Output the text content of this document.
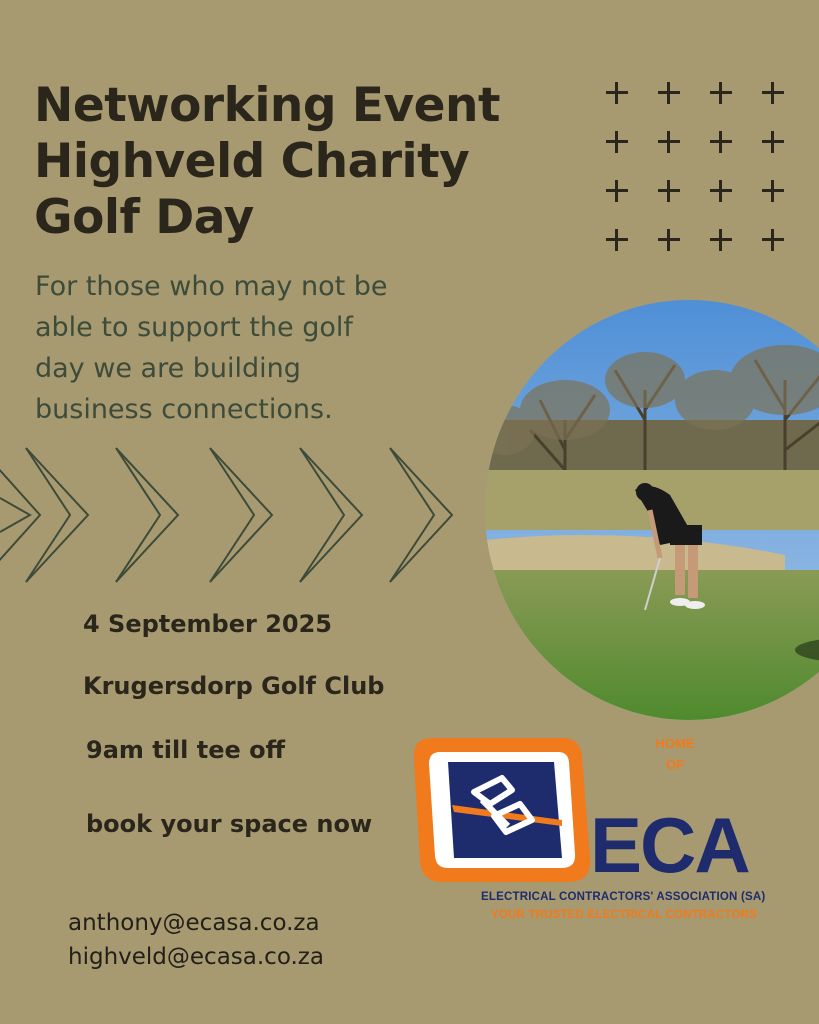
Networking Event
Highveld Charity
Golf Day
For those who may not be
able to support the golf
day we are building
business connections.
4 September 2025
Krugersdorp Golf Club
9am till tee off
book your space now
anthony@ecasa.co.za
highveld@ecasa.co.za
HOME
OF
ECA
ELECTRICAL CONTRACTORS' ASSOCIATION (SA)
YOUR TRUSTED ELECTRICAL CONTRACTORS
